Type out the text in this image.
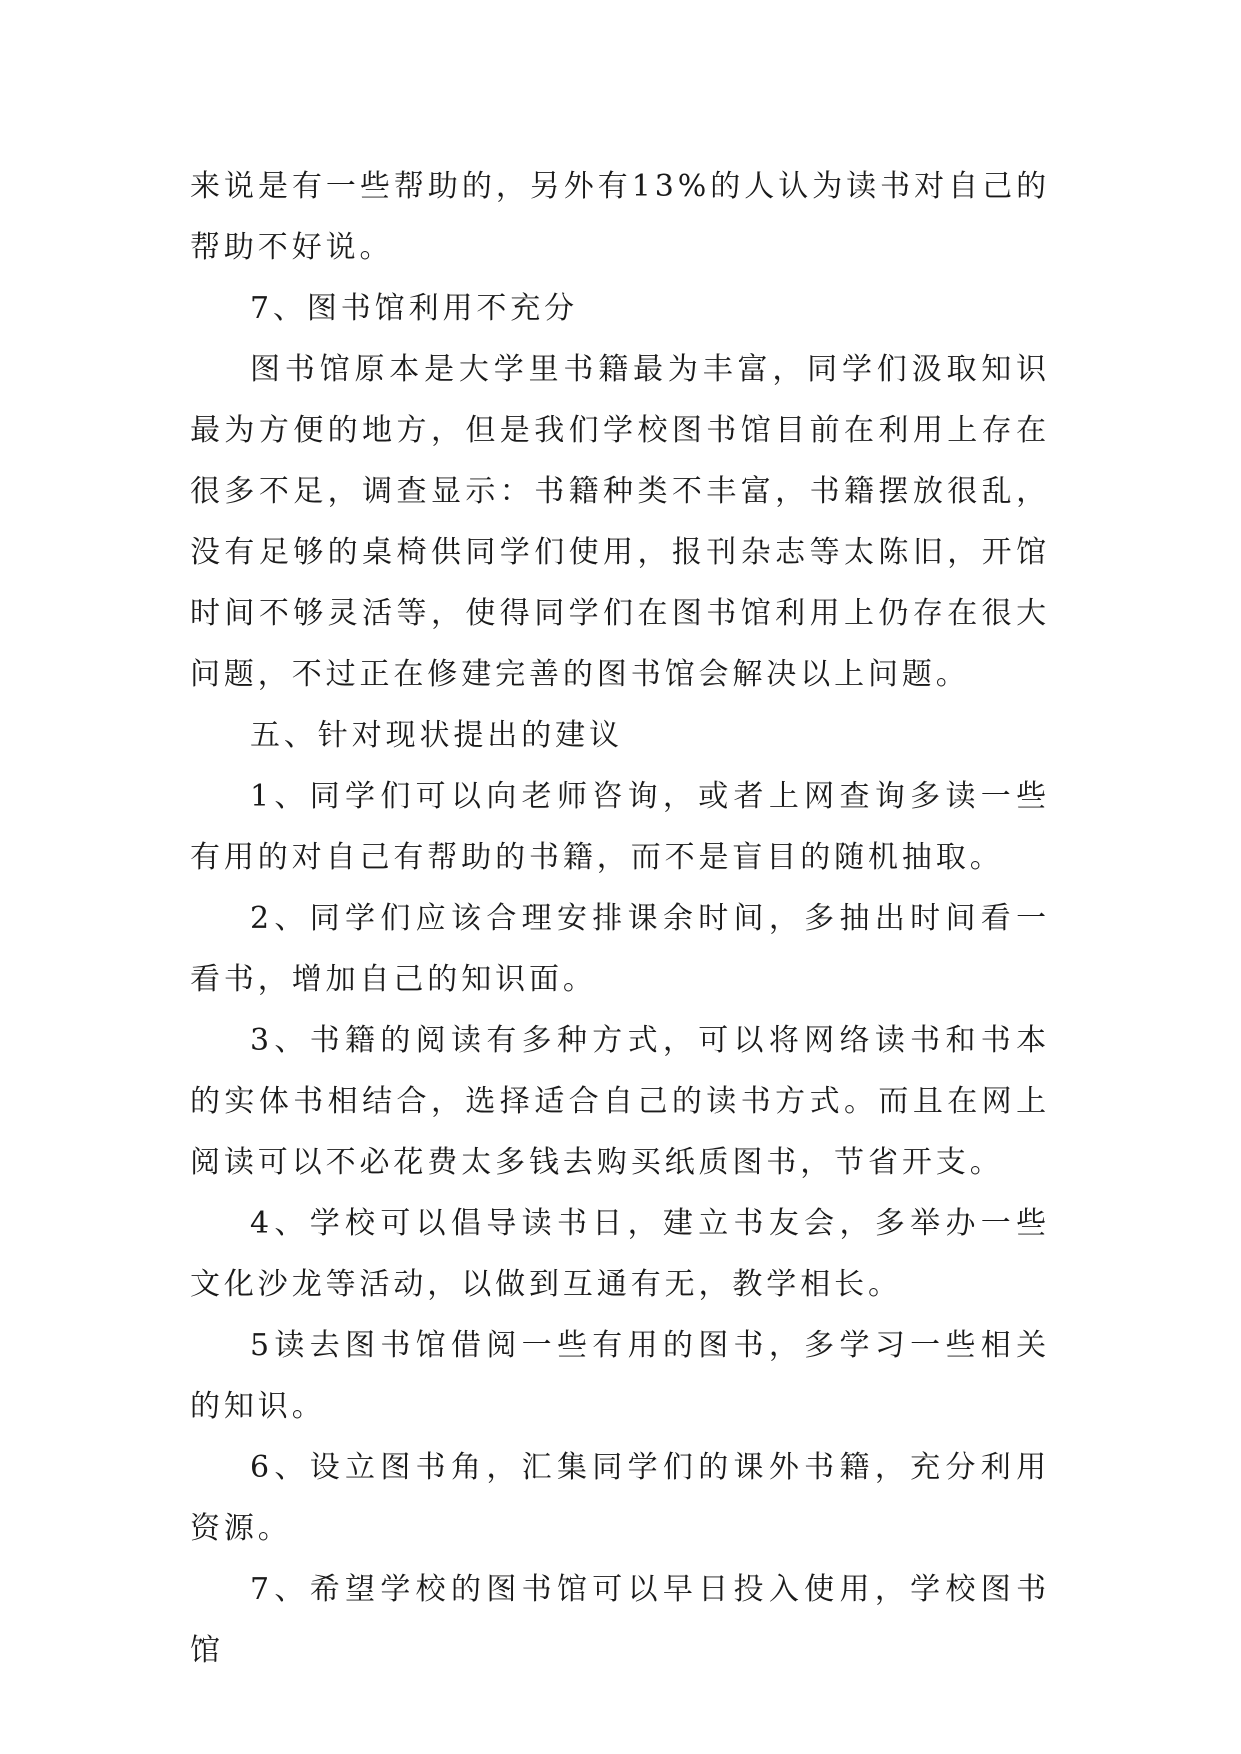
来说是有一些帮助的，另外有13%的人认为读书对自己的帮助不好说。

7、图书馆利用不充分

图书馆原本是大学里书籍最为丰富，同学们汲取知识最为方便的地方，但是我们学校图书馆目前在利用上存在很多不足，调查显示：书籍种类不丰富，书籍摆放很乱，没有足够的桌椅供同学们使用，报刊杂志等太陈旧，开馆时间不够灵活等，使得同学们在图书馆利用上仍存在很大问题，不过正在修建完善的图书馆会解决以上问题。

五、针对现状提出的建议

1、同学们可以向老师咨询，或者上网查询多读一些有用的对自己有帮助的书籍，而不是盲目的随机抽取。

2、同学们应该合理安排课余时间，多抽出时间看一看书，增加自己的知识面。

3、书籍的阅读有多种方式，可以将网络读书和书本的实体书相结合，选择适合自己的读书方式。而且在网上阅读可以不必花费太多钱去购买纸质图书，节省开支。

4、学校可以倡导读书日，建立书友会，多举办一些文化沙龙等活动，以做到互通有无，教学相长。

5读去图书馆借阅一些有用的图书，多学习一些相关的知识。

6、设立图书角，汇集同学们的课外书籍，充分利用资源。

7、希望学校的图书馆可以早日投入使用，学校图书馆
